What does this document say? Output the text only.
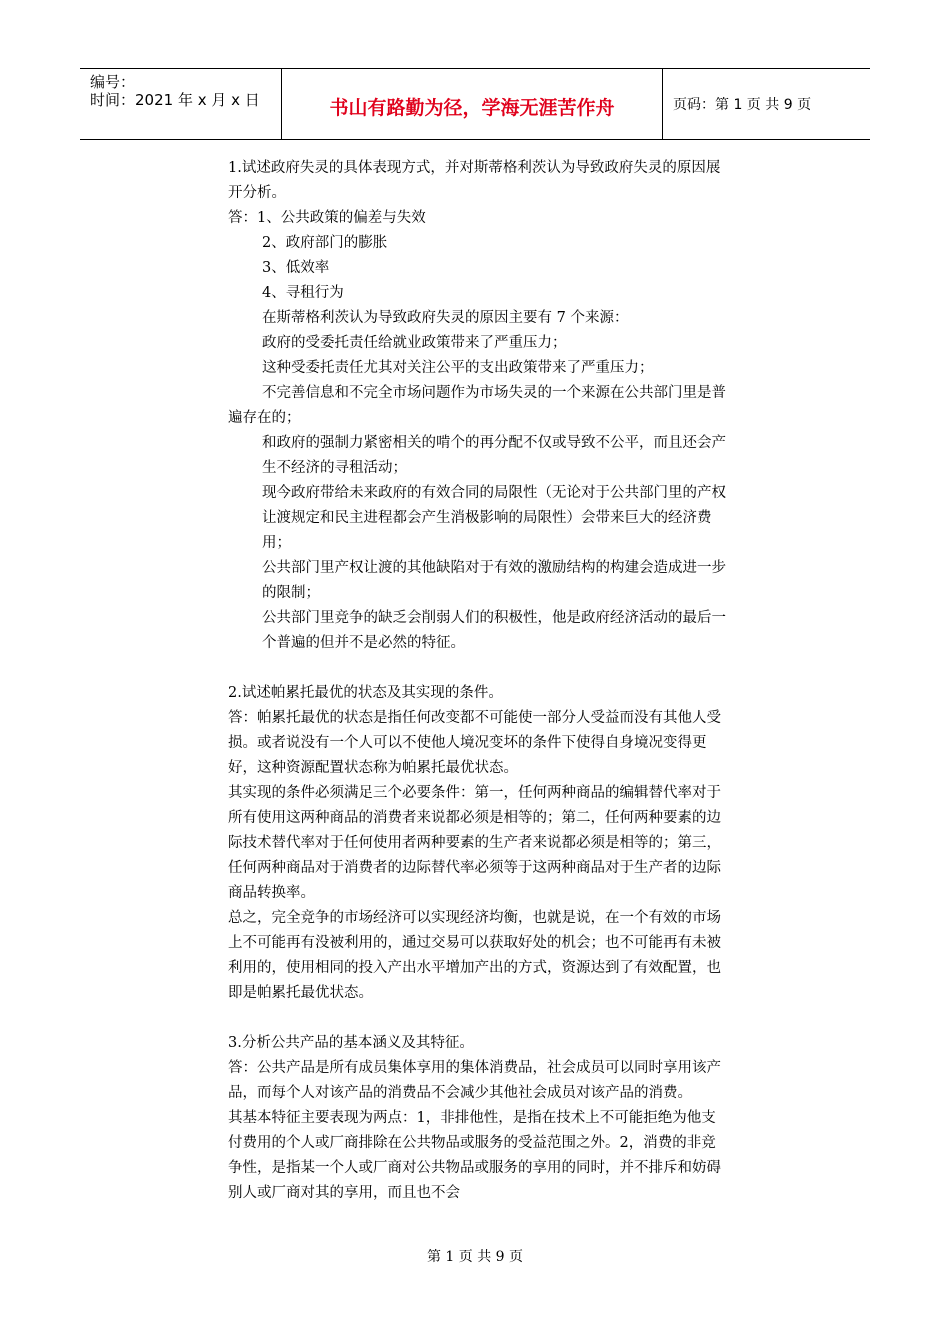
编号：
时间：2021 年 x 月 x 日	书山有路勤为径，学海无涯苦作舟	页码：第 1 页 共 9 页

1.试述政府失灵的具体表现方式，并对斯蒂格利茨认为导致政府失灵的原因展开分析。

答：1、公共政策的偏差与失效

2、政府部门的膨胀

3、低效率

4、寻租行为

在斯蒂格利茨认为导致政府失灵的原因主要有 7 个来源：

政府的受委托责任给就业政策带来了严重压力；

这种受委托责任尤其对关注公平的支出政策带来了严重压力；

不完善信息和不完全市场问题作为市场失灵的一个来源在公共部门里是普遍存在的；

和政府的强制力紧密相关的啃个的再分配不仅或导致不公平，而且还会产生不经济的寻租活动；

现今政府带给未来政府的有效合同的局限性（无论对于公共部门里的产权让渡规定和民主进程都会产生消极影响的局限性）会带来巨大的经济费用；

公共部门里产权让渡的其他缺陷对于有效的激励结构的构建会造成进一步的限制；

公共部门里竞争的缺乏会削弱人们的积极性，他是政府经济活动的最后一个普遍的但并不是必然的特征。

2.试述帕累托最优的状态及其实现的条件。

答：帕累托最优的状态是指任何改变都不可能使一部分人受益而没有其他人受损。或者说没有一个人可以不使他人境况变坏的条件下使得自身境况变得更好，这种资源配置状态称为帕累托最优状态。

其实现的条件必须满足三个必要条件：第一，任何两种商品的编辑替代率对于所有使用这两种商品的消费者来说都必须是相等的；第二，任何两种要素的边际技术替代率对于任何使用者两种要素的生产者来说都必须是相等的；第三，任何两种商品对于消费者的边际替代率必须等于这两种商品对于生产者的边际商品转换率。

总之，完全竞争的市场经济可以实现经济均衡，也就是说，在一个有效的市场上不可能再有没被利用的，通过交易可以获取好处的机会；也不可能再有未被利用的，使用相同的投入产出水平增加产出的方式，资源达到了有效配置，也即是帕累托最优状态。

3.分析公共产品的基本涵义及其特征。

答：公共产品是所有成员集体享用的集体消费品，社会成员可以同时享用该产品，而每个人对该产品的消费品不会减少其他社会成员对该产品的消费。

其基本特征主要表现为两点：1，非排他性，是指在技术上不可能拒绝为他支付费用的个人或厂商排除在公共物品或服务的受益范围之外。2，消费的非竞争性，是指某一个人或厂商对公共物品或服务的享用的同时，并不排斥和妨碍别人或厂商对其的享用，而且也不会

第 1 页 共 9 页
